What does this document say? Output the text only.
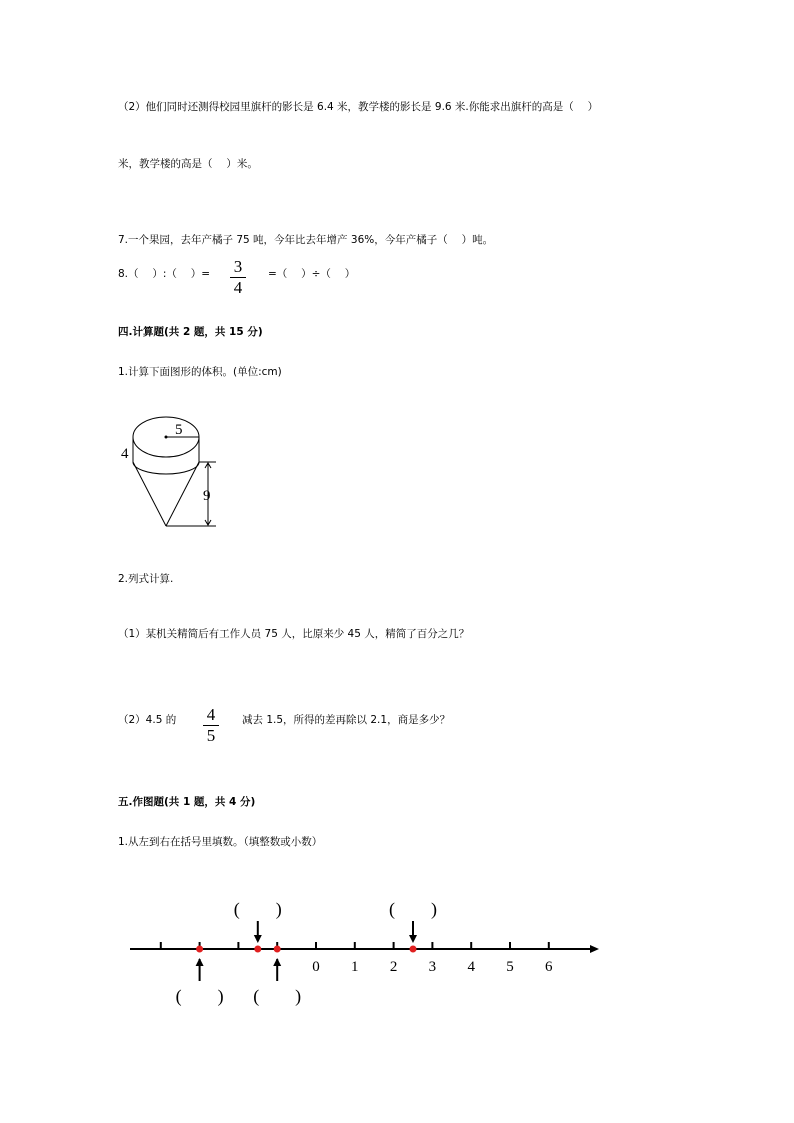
（2）他们同时还测得校园里旗杆的影长是 6.4 米，教学楼的影长是 9.6 米.你能求出旗杆的高是（　 ）
米，教学楼的高是（　 ）米。
7.一个果园，去年产橘子 75 吨，今年比去年增产 36%，今年产橘子（　 ）吨。
8.（　 ）:（　 ）=	3
4
=（　 ）÷（　 ）
四.计算题(共 2 题，共 15 分)
1.计算下面图形的体积。(单位:cm)
5
4
9
2.列式计算.
（1）某机关精简后有工作人员 75 人，比原来少 45 人，精简了百分之几？
（2）4.5 的	4
5
减去 1.5，所得的差再除以 2.1，商是多少？
五.作图题(共 1 题，共 4 分)
1.从左到右在括号里填数。（填整数或小数）
0 1 2 3 4 5 6
(　　)
(　　)
(　　)
(　　)
